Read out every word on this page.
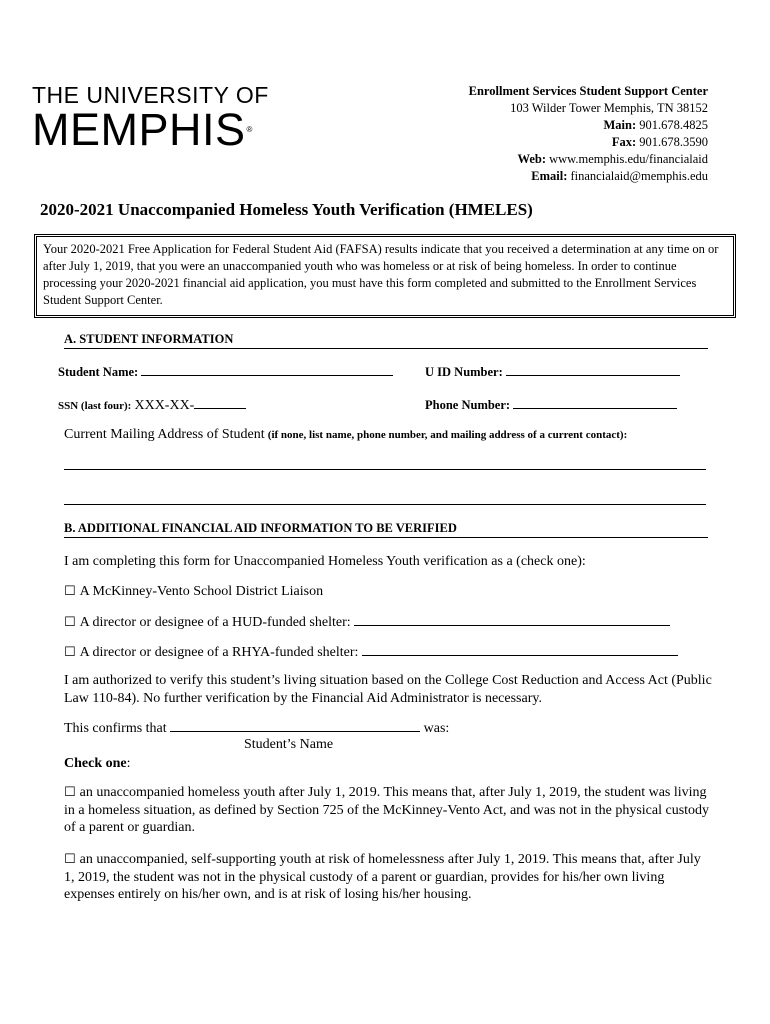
THE UNIVERSITY OF
MEMPHIS®
Enrollment Services Student Support Center
103 Wilder Tower Memphis, TN 38152
Main: 901.678.4825
Fax: 901.678.3590
Web: www.memphis.edu/financialaid
Email: financialaid@memphis.edu
2020-2021 Unaccompanied Homeless Youth Verification (HMELES)
Your 2020-2021 Free Application for Federal Student Aid (FAFSA) results indicate that you received a determination at any time on or after July 1, 2019, that you were an unaccompanied youth who was homeless or at risk of being homeless. In order to continue processing your 2020-2021 financial aid application, you must have this form completed and submitted to the Enrollment Services Student Support Center.
A. STUDENT INFORMATION
Student Name:	U ID Number:
SSN (last four): XXX-XX-	Phone Number:
Current Mailing Address of Student (if none, list name, phone number, and mailing address of a current contact):
B. ADDITIONAL FINANCIAL AID INFORMATION TO BE VERIFIED
I am completing this form for Unaccompanied Homeless Youth verification as a (check one):
☐ A McKinney-Vento School District Liaison
☐ A director or designee of a HUD-funded shelter:
☐ A director or designee of a RHYA-funded shelter:
I am authorized to verify this student’s living situation based on the College Cost Reduction and Access Act (Public Law 110-84). No further verification by the Financial Aid Administrator is necessary.
This confirms that	was:
Student’s Name
Check one:
☐ an unaccompanied homeless youth after July 1, 2019. This means that, after July 1, 2019, the student was living in a homeless situation, as defined by Section 725 of the McKinney-Vento Act, and was not in the physical custody of a parent or guardian.
☐ an unaccompanied, self-supporting youth at risk of homelessness after July 1, 2019. This means that, after July 1, 2019, the student was not in the physical custody of a parent or guardian, provides for his/her own living expenses entirely on his/her own, and is at risk of losing his/her housing.
